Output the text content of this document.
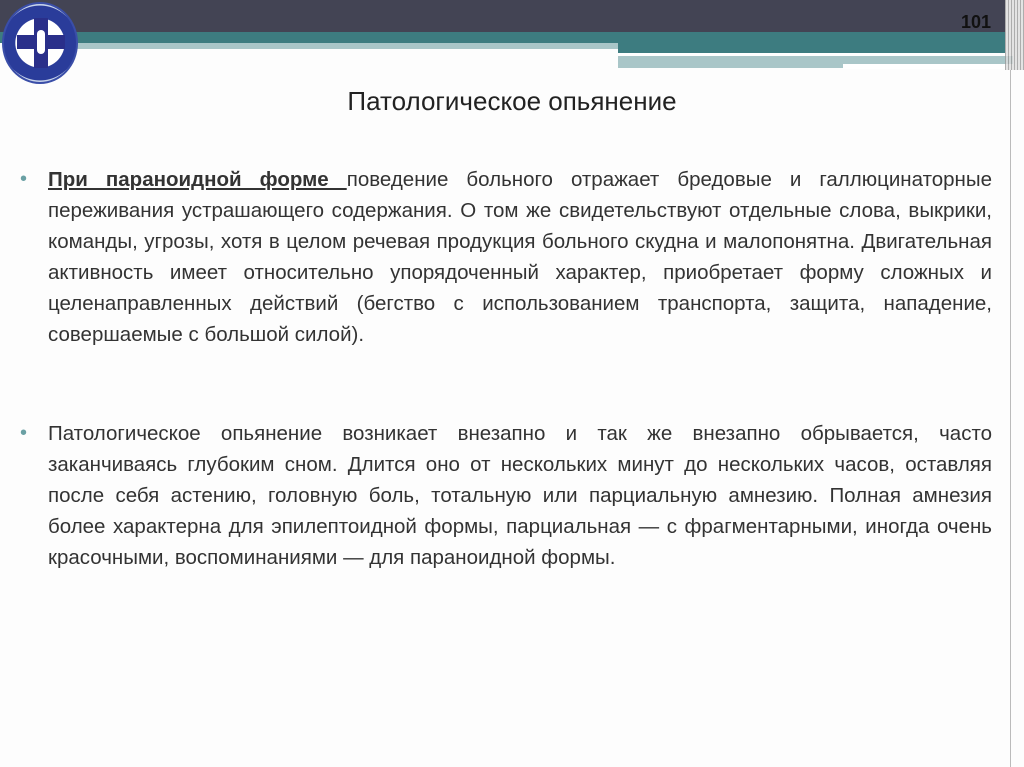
101
Патологическое опьянение
• При параноидной форме поведение больного отражает бредовые и галлюцинаторные переживания устрашающего содержания. О том же свидетельствуют отдельные слова, выкрики, команды, угрозы, хотя в целом речевая продукция больного скудна и малопонятна. Двигательная активность имеет относительно упорядоченный характер, приобретает форму сложных и целенаправленных действий (бегство с использованием транспорта, защита, нападение, совершаемые с большой силой).
• Патологическое опьянение возникает внезапно и так же внезапно обрывается, часто заканчиваясь глубоким сном. Длится оно от нескольких минут до нескольких часов, оставляя после себя астению, головную боль, тотальную или парциальную амнезию. Полная амнезия более характерна для эпилептоидной формы, парциальная — с фрагментарными, иногда очень красочными, воспоминаниями — для параноидной формы.
